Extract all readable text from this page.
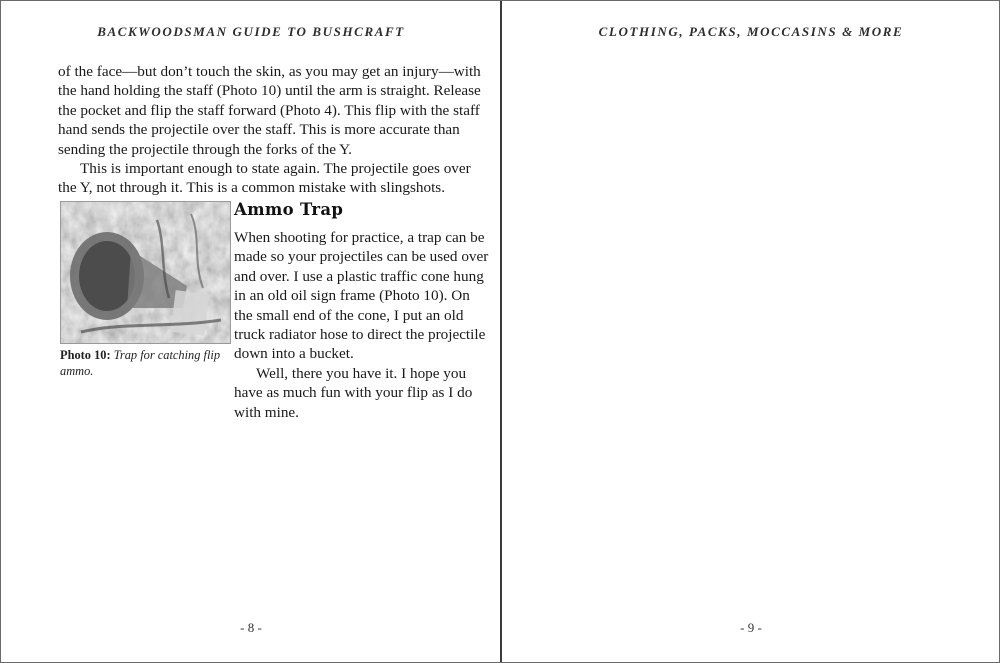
BACKWOODSMAN GUIDE TO BUSHCRAFT

of the face—but don’t touch the skin, as you may get an injury—with the hand holding the staff (Photo 10) until the arm is straight. Release the pocket and flip the staff forward (Photo 4). This flip with the staff hand sends the projectile over the staff. This is more accurate than sending the projectile through the forks of the Y.

This is important enough to state again. The projectile goes over the Y, not through it. This is a common mistake with slingshots.

Photo 10: Trap for catching flip ammo.
Ammo Trap

When shooting for practice, a trap can be made so your projectiles can be used over and over. I use a plastic traffic cone hung in an old oil sign frame (Photo 10). On the small end of the cone, I put an old truck radiator hose to direct the projectile down into a bucket.

Well, there you have it. I hope you have as much fun with your flip as I do with mine.

- 8 -
CLOTHING, PACKS, MOCCASINS & MORE

- 9 -
